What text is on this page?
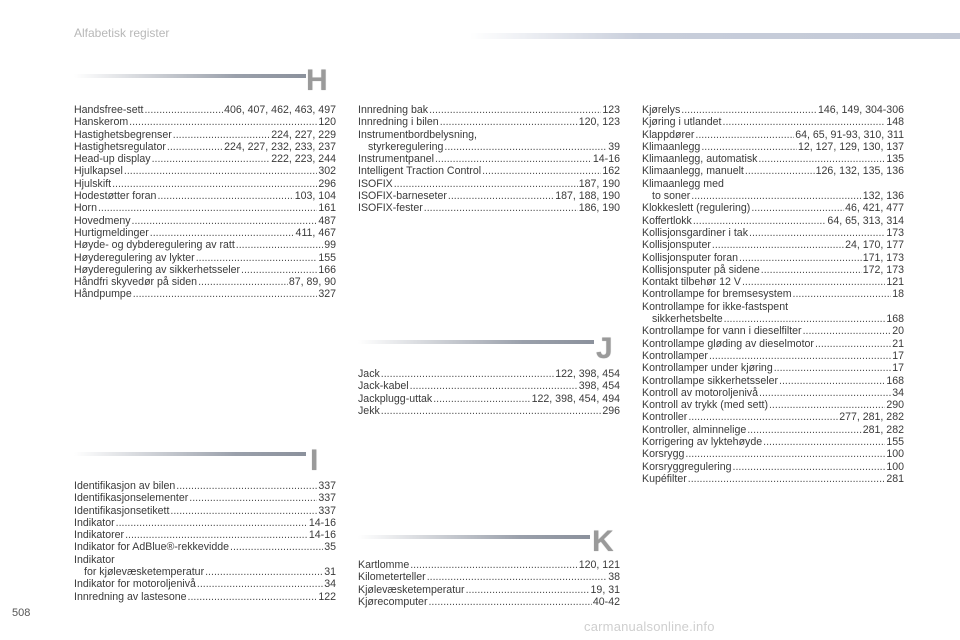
Alfabetisk register
H
Handsfree-sett .....	406, 407, 462, 463, 497
Hanskerom .....	120
Hastighetsbegrenser .....	224, 227, 229
Hastighetsregulator .....	224, 227, 232, 233, 237
Head-up display .....	222, 223, 244
Hjulkapsel .....	302
Hjulskift .....	296
Hodestøtter foran .....	103, 104
Horn .....	161
Hovedmeny .....	487
Hurtigmeldinger .....	411, 467
Høyde- og dybderegulering av ratt .....	99
Høyderegulering av lykter .....	155
Høyderegulering av sikkerhetsseler .....	166
Håndfri skyvedør på siden .....	87, 89, 90
Håndpumpe .....	327
I
Identifikasjon av bilen .....	337
Identifikasjonselementer .....	337
Identifikasjonsetikett .....	337
Indikator .....	14-16
Indikatorer .....	14-16
Indikator for AdBlue®-rekkevidde .....	35
Indikator
for kjølevæsketemperatur .....	31
Indikator for motoroljenivå .....	34
Innredning av lastesone .....	122
Innredning bak .....	123
Innredning i bilen .....	120, 123
Instrumentbordbelysning,
styrkeregulering .....	39
Instrumentpanel .....	14-16
Intelligent Traction Control .....	162
ISOFIX .....	187, 190
ISOFIX-barneseter .....	187, 188, 190
ISOFIX-fester .....	186, 190
J
Jack .....	122, 398, 454
Jack-kabel .....	398, 454
Jackplugg-uttak .....	122, 398, 454, 494
Jekk .....	296
K
Kartlomme .....	120, 121
Kilometerteller .....	38
Kjølevæsketemperatur .....	19, 31
Kjørecomputer .....	40-42
Kjørelys .....	146, 149, 304-306
Kjøring i utlandet .....	148
Klappdører .....	64, 65, 91-93, 310, 311
Klimaanlegg .....	12, 127, 129, 130, 137
Klimaanlegg, automatisk .....	135
Klimaanlegg, manuelt .....	126, 132, 135, 136
Klimaanlegg med
to soner .....	132, 136
Klokkeslett (regulering) .....	46, 421, 477
Koffertlokk .....	64, 65, 313, 314
Kollisjonsgardiner i tak .....	173
Kollisjonsputer .....	24, 170, 177
Kollisjonsputer foran .....	171, 173
Kollisjonsputer på sidene .....	172, 173
Kontakt tilbehør 12 V .....	121
Kontrollampe for bremsesystem .....	18
Kontrollampe for ikke-fastspent
sikkerhetsbelte .....	168
Kontrollampe for vann i dieselfilter .....	20
Kontrollampe gløding av dieselmotor .....	21
Kontrollamper .....	17
Kontrollamper under kjøring .....	17
Kontrollampe sikkerhetsseler .....	168
Kontroll av motoroljenivå .....	34
Kontroll av trykk (med sett) .....	290
Kontroller .....	277, 281, 282
Kontroller, alminnelige .....	281, 282
Korrigering av lyktehøyde .....	155
Korsrygg .....	100
Korsryggregulering .....	100
Kupéfilter .....	281
508
carmanualsonline.info
